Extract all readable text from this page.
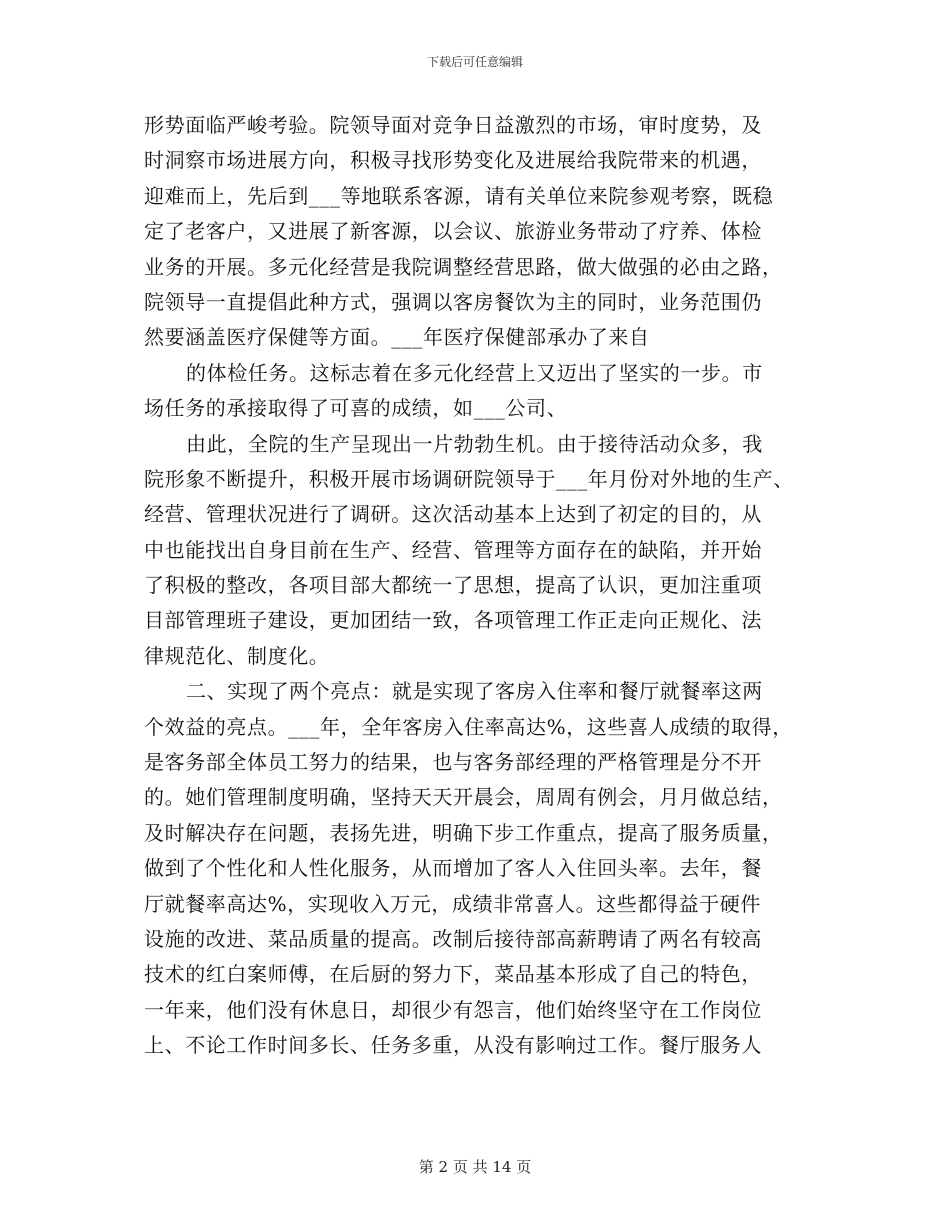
下载后可任意编辑
形势面临严峻考验。院领导面对竞争日益激烈的市场，审时度势，及
时洞察市场进展方向，积极寻找形势变化及进展给我院带来的机遇，
迎难而上，先后到___等地联系客源，请有关单位来院参观考察，既稳
定了老客户，又进展了新客源，以会议、旅游业务带动了疗养、体检
业务的开展。多元化经营是我院调整经营思路，做大做强的必由之路，
院领导一直提倡此种方式，强调以客房餐饮为主的同时，业务范围仍
然要涵盖医疗保健等方面。___年医疗保健部承办了来自
的体检任务。这标志着在多元化经营上又迈出了坚实的一步。市
场任务的承接取得了可喜的成绩，如___公司、
由此，全院的生产呈现出一片勃勃生机。由于接待活动众多，我
院形象不断提升，积极开展市场调研院领导于___年月份对外地的生产、
经营、管理状况进行了调研。这次活动基本上达到了初定的目的，从
中也能找出自身目前在生产、经营、管理等方面存在的缺陷，并开始
了积极的整改，各项目部大都统一了思想，提高了认识，更加注重项
目部管理班子建设，更加团结一致，各项管理工作正走向正规化、法
律规范化、制度化。
二、实现了两个亮点：就是实现了客房入住率和餐厅就餐率这两
个效益的亮点。___年，全年客房入住率高达%，这些喜人成绩的取得，
是客务部全体员工努力的结果，也与客务部经理的严格管理是分不开
的。她们管理制度明确，坚持天天开晨会，周周有例会，月月做总结，
及时解决存在问题，表扬先进，明确下步工作重点，提高了服务质量，
做到了个性化和人性化服务，从而增加了客人入住回头率。去年，餐
厅就餐率高达%，实现收入万元，成绩非常喜人。这些都得益于硬件
设施的改进、菜品质量的提高。改制后接待部高薪聘请了两名有较高
技术的红白案师傅，在后厨的努力下，菜品基本形成了自己的特色，
一年来，他们没有休息日，却很少有怨言，他们始终坚守在工作岗位
上、不论工作时间多长、任务多重，从没有影响过工作。餐厅服务人
第 2 页 共 14 页
